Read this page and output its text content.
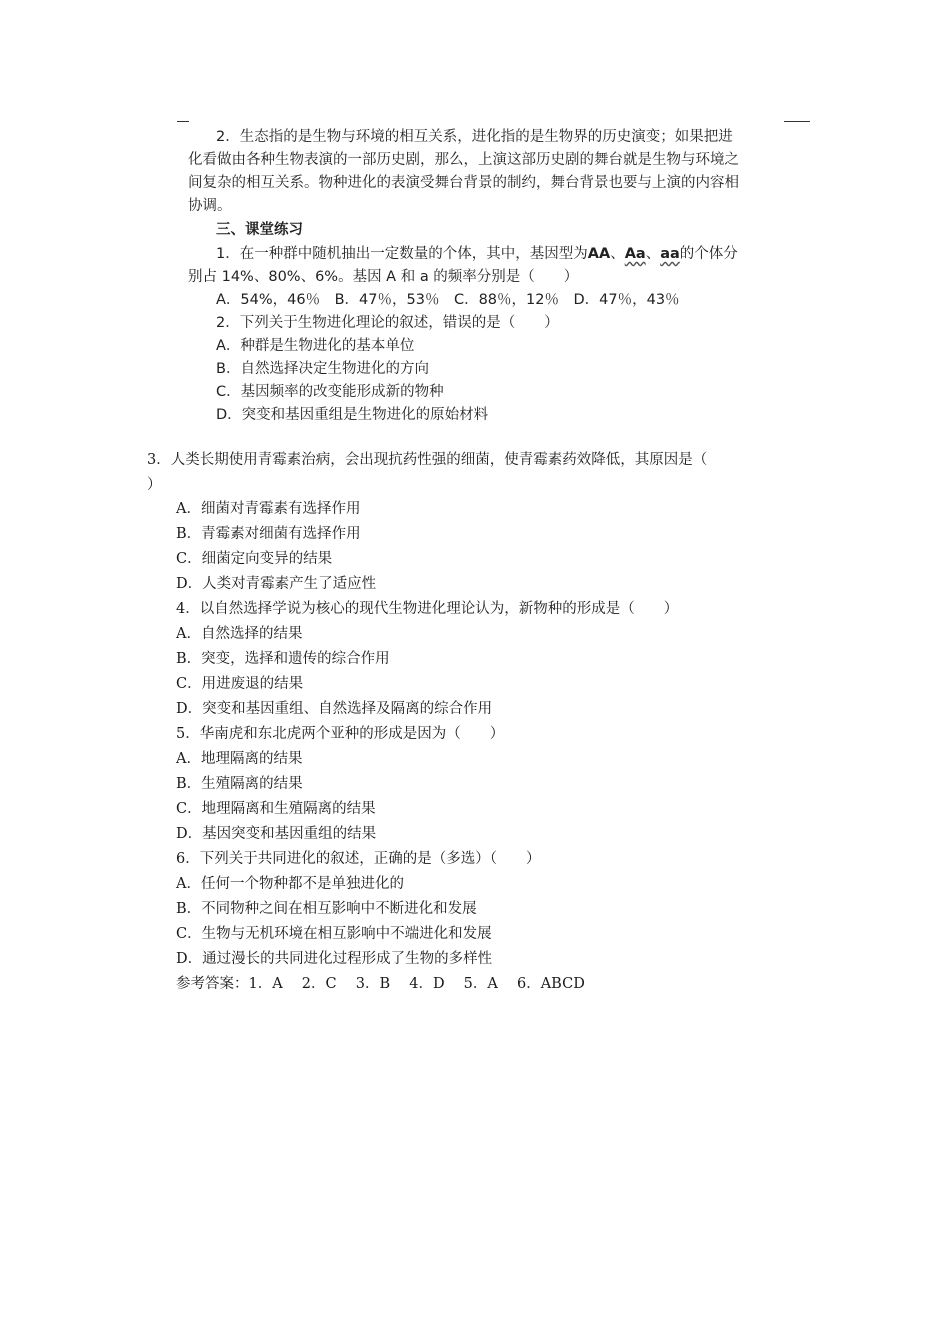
2．生态指的是生物与环境的相互关系，进化指的是生物界的历史演变；如果把进
化看做由各种生物表演的一部历史剧，那么，上演这部历史剧的舞台就是生物与环境之
间复杂的相互关系。物种进化的表演受舞台背景的制约，舞台背景也要与上演的内容相
协调。
三、课堂练习
1．在一种群中随机抽出一定数量的个体，其中，基因型为AA、Aa、aa的个体分
别占 14%、80%、6%。基因 A 和 a 的频率分别是（　　）
A．54%，46％　B．47％，53％　C．88％，12％　D．47％，43％
2．下列关于生物进化理论的叙述，错误的是（　　）
A．种群是生物进化的基本单位
B．自然选择决定生物进化的方向
C．基因频率的改变能形成新的物种
D．突变和基因重组是生物进化的原始材料
3．人类长期使用青霉素治病，会出现抗药性强的细菌，使青霉素药效降低，其原因是（
）
A．细菌对青霉素有选择作用
B．青霉素对细菌有选择作用
C．细菌定向变异的结果
D．人类对青霉素产生了适应性
4．以自然选择学说为核心的现代生物进化理论认为，新物种的形成是（　　）
A．自然选择的结果
B．突变，选择和遗传的综合作用
C．用进废退的结果
D．突变和基因重组、自然选择及隔离的综合作用
5．华南虎和东北虎两个亚种的形成是因为（　　）
A．地理隔离的结果
B．生殖隔离的结果
C．地理隔离和生殖隔离的结果
D．基因突变和基因重组的结果
6．下列关于共同进化的叙述，正确的是（多选）（　　）
A．任何一个物种都不是单独进化的
B．不同物种之间在相互影响中不断进化和发展
C．生物与无机环境在相互影响中不端进化和发展
D．通过漫长的共同进化过程形成了生物的多样性
参考答案：1．A　 2．C　 3．B　 4．D　 5．A　 6．ABCD
